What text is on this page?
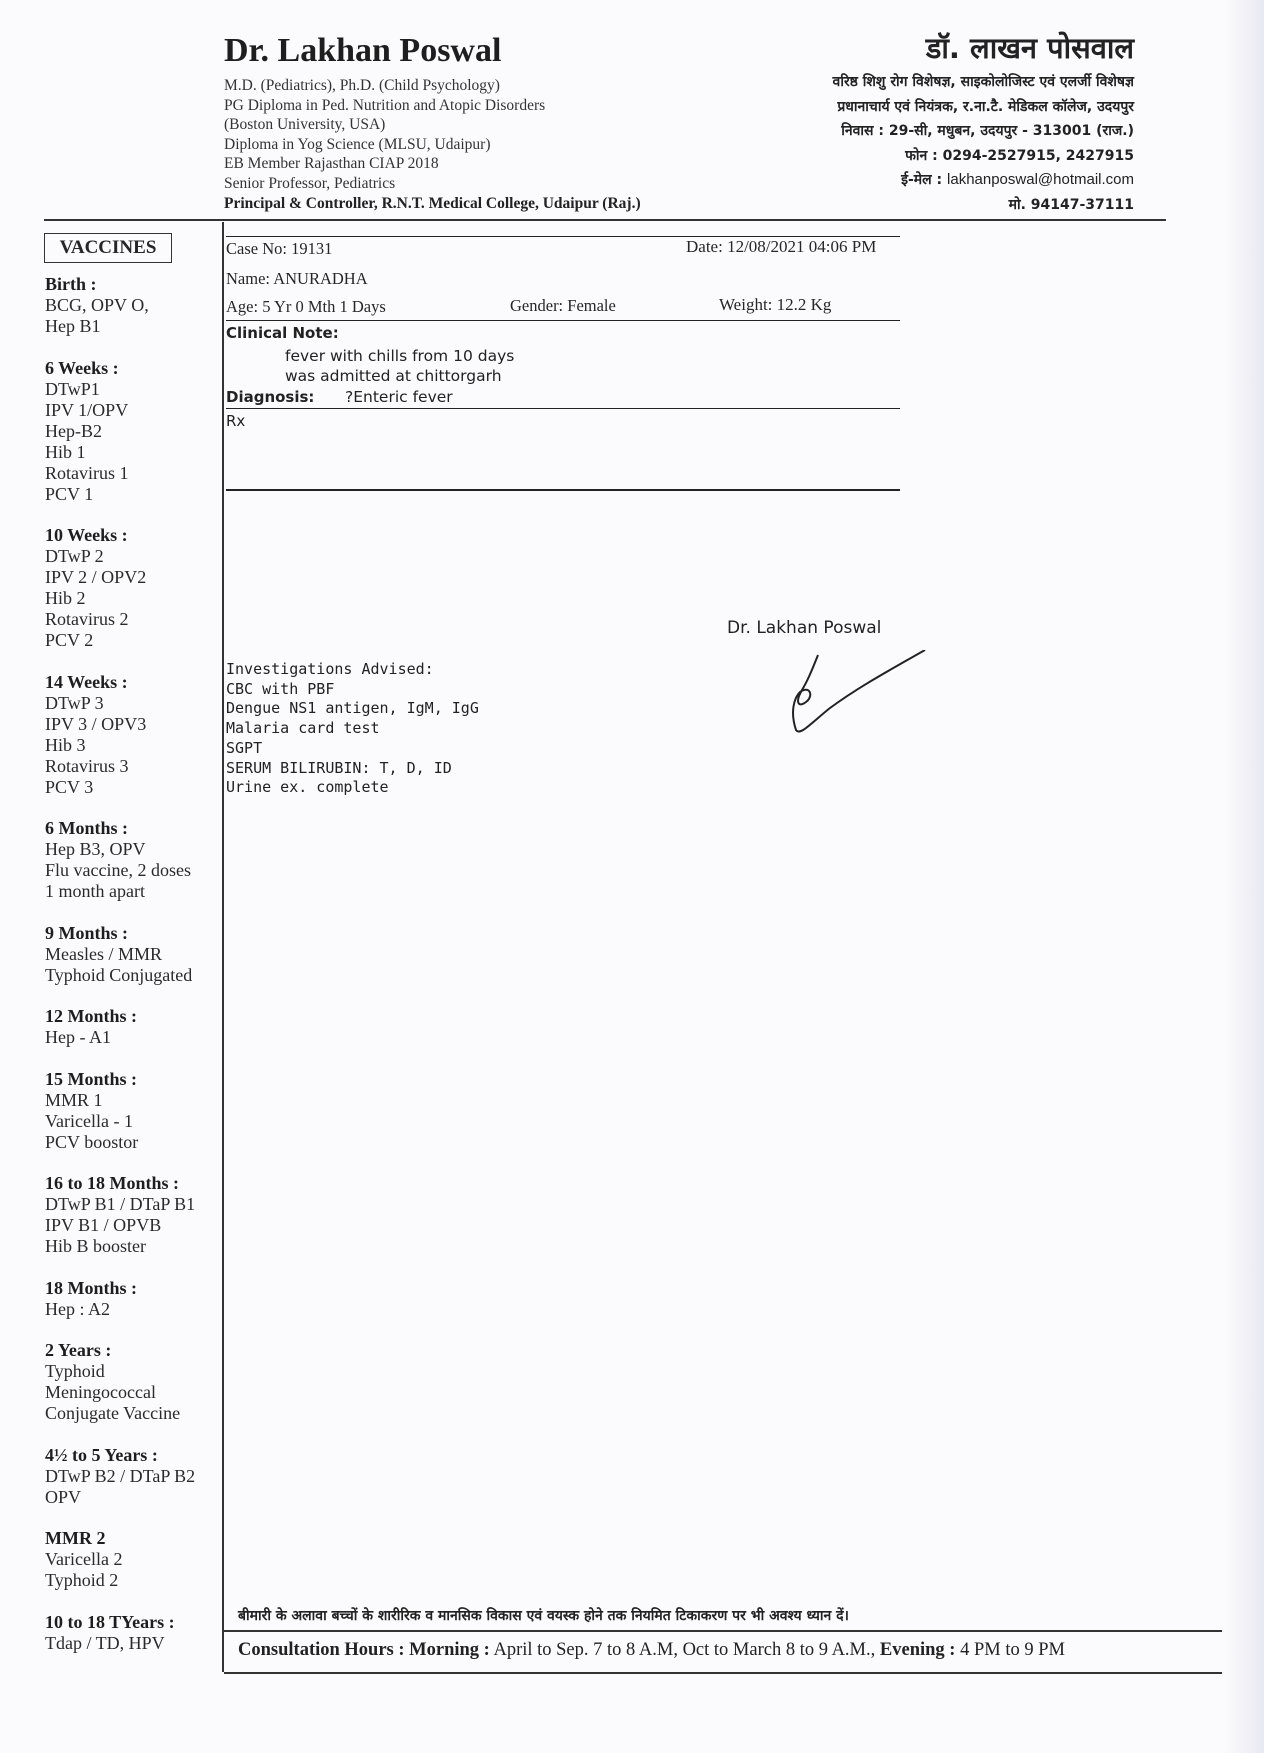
Dr. Lakhan Poswal
M.D. (Pediatrics), Ph.D. (Child Psychology)
PG Diploma in Ped. Nutrition and Atopic Disorders
(Boston University, USA)
Diploma in Yog Science (MLSU, Udaipur)
EB Member Rajasthan CIAP 2018
Senior Professor, Pediatrics
Principal & Controller, R.N.T. Medical College, Udaipur (Raj.)
डॉ. लाखन पोसवाल
वरिष्ठ शिशु रोग विशेषज्ञ, साइकोलोजिस्ट एवं एलर्जी विशेषज्ञ
प्रधानाचार्य एवं नियंत्रक, र.ना.टै. मेडिकल कॉलेज, उदयपुर
निवास : 29-सी, मधुबन, उदयपुर - 313001 (राज.)
फोन : 0294-2527915, 2427915
ई-मेल : lakhanposwal@hotmail.com
मो. 94147-37111
VACCINES
Birth :
BCG, OPV O,
Hep B1
6 Weeks :
DTwP1
IPV 1/OPV
Hep-B2
Hib 1
Rotavirus 1
PCV 1
10 Weeks :
DTwP 2
IPV 2 / OPV2
Hib 2
Rotavirus 2
PCV 2
14 Weeks :
DTwP 3
IPV 3 / OPV3
Hib 3
Rotavirus 3
PCV 3
6 Months :
Hep B3, OPV
Flu vaccine, 2 doses
1 month apart
9 Months :
Measles / MMR
Typhoid Conjugated
12 Months :
Hep - A1
15 Months :
MMR 1
Varicella - 1
PCV boostor
16 to 18 Months :
DTwP B1 / DTaP B1
IPV B1 / OPVB
Hib B booster
18 Months :
Hep : A2
2 Years :
Typhoid
Meningococcal
Conjugate Vaccine
4½ to 5 Years :
DTwP B2 / DTaP B2
OPV
MMR 2
Varicella 2
Typhoid 2
10 to 18 TYears :
Tdap / TD, HPV
Case No: 19131	Date: 12/08/2021 04:06 PM
Name: ANURADHA
Age: 5 Yr 0 Mth 1 Days	Gender: Female	Weight: 12.2 Kg
Clinical Note:
fever with chills from 10 days
was admitted at chittorgarh
Diagnosis: ?Enteric fever
Rx
Dr. Lakhan Poswal
Investigations Advised:
CBC with PBF
Dengue NS1 antigen, IgM, IgG
Malaria card test
SGPT
SERUM BILIRUBIN: T, D, ID
Urine ex. complete
बीमारी के अलावा बच्चों के शारीरिक व मानसिक विकास एवं वयस्क होने तक नियमित टिकाकरण पर भी अवश्य ध्यान दें।
Consultation Hours : Morning : April to Sep. 7 to 8 A.M, Oct to March 8 to 9 A.M., Evening : 4 PM to 9 PM
